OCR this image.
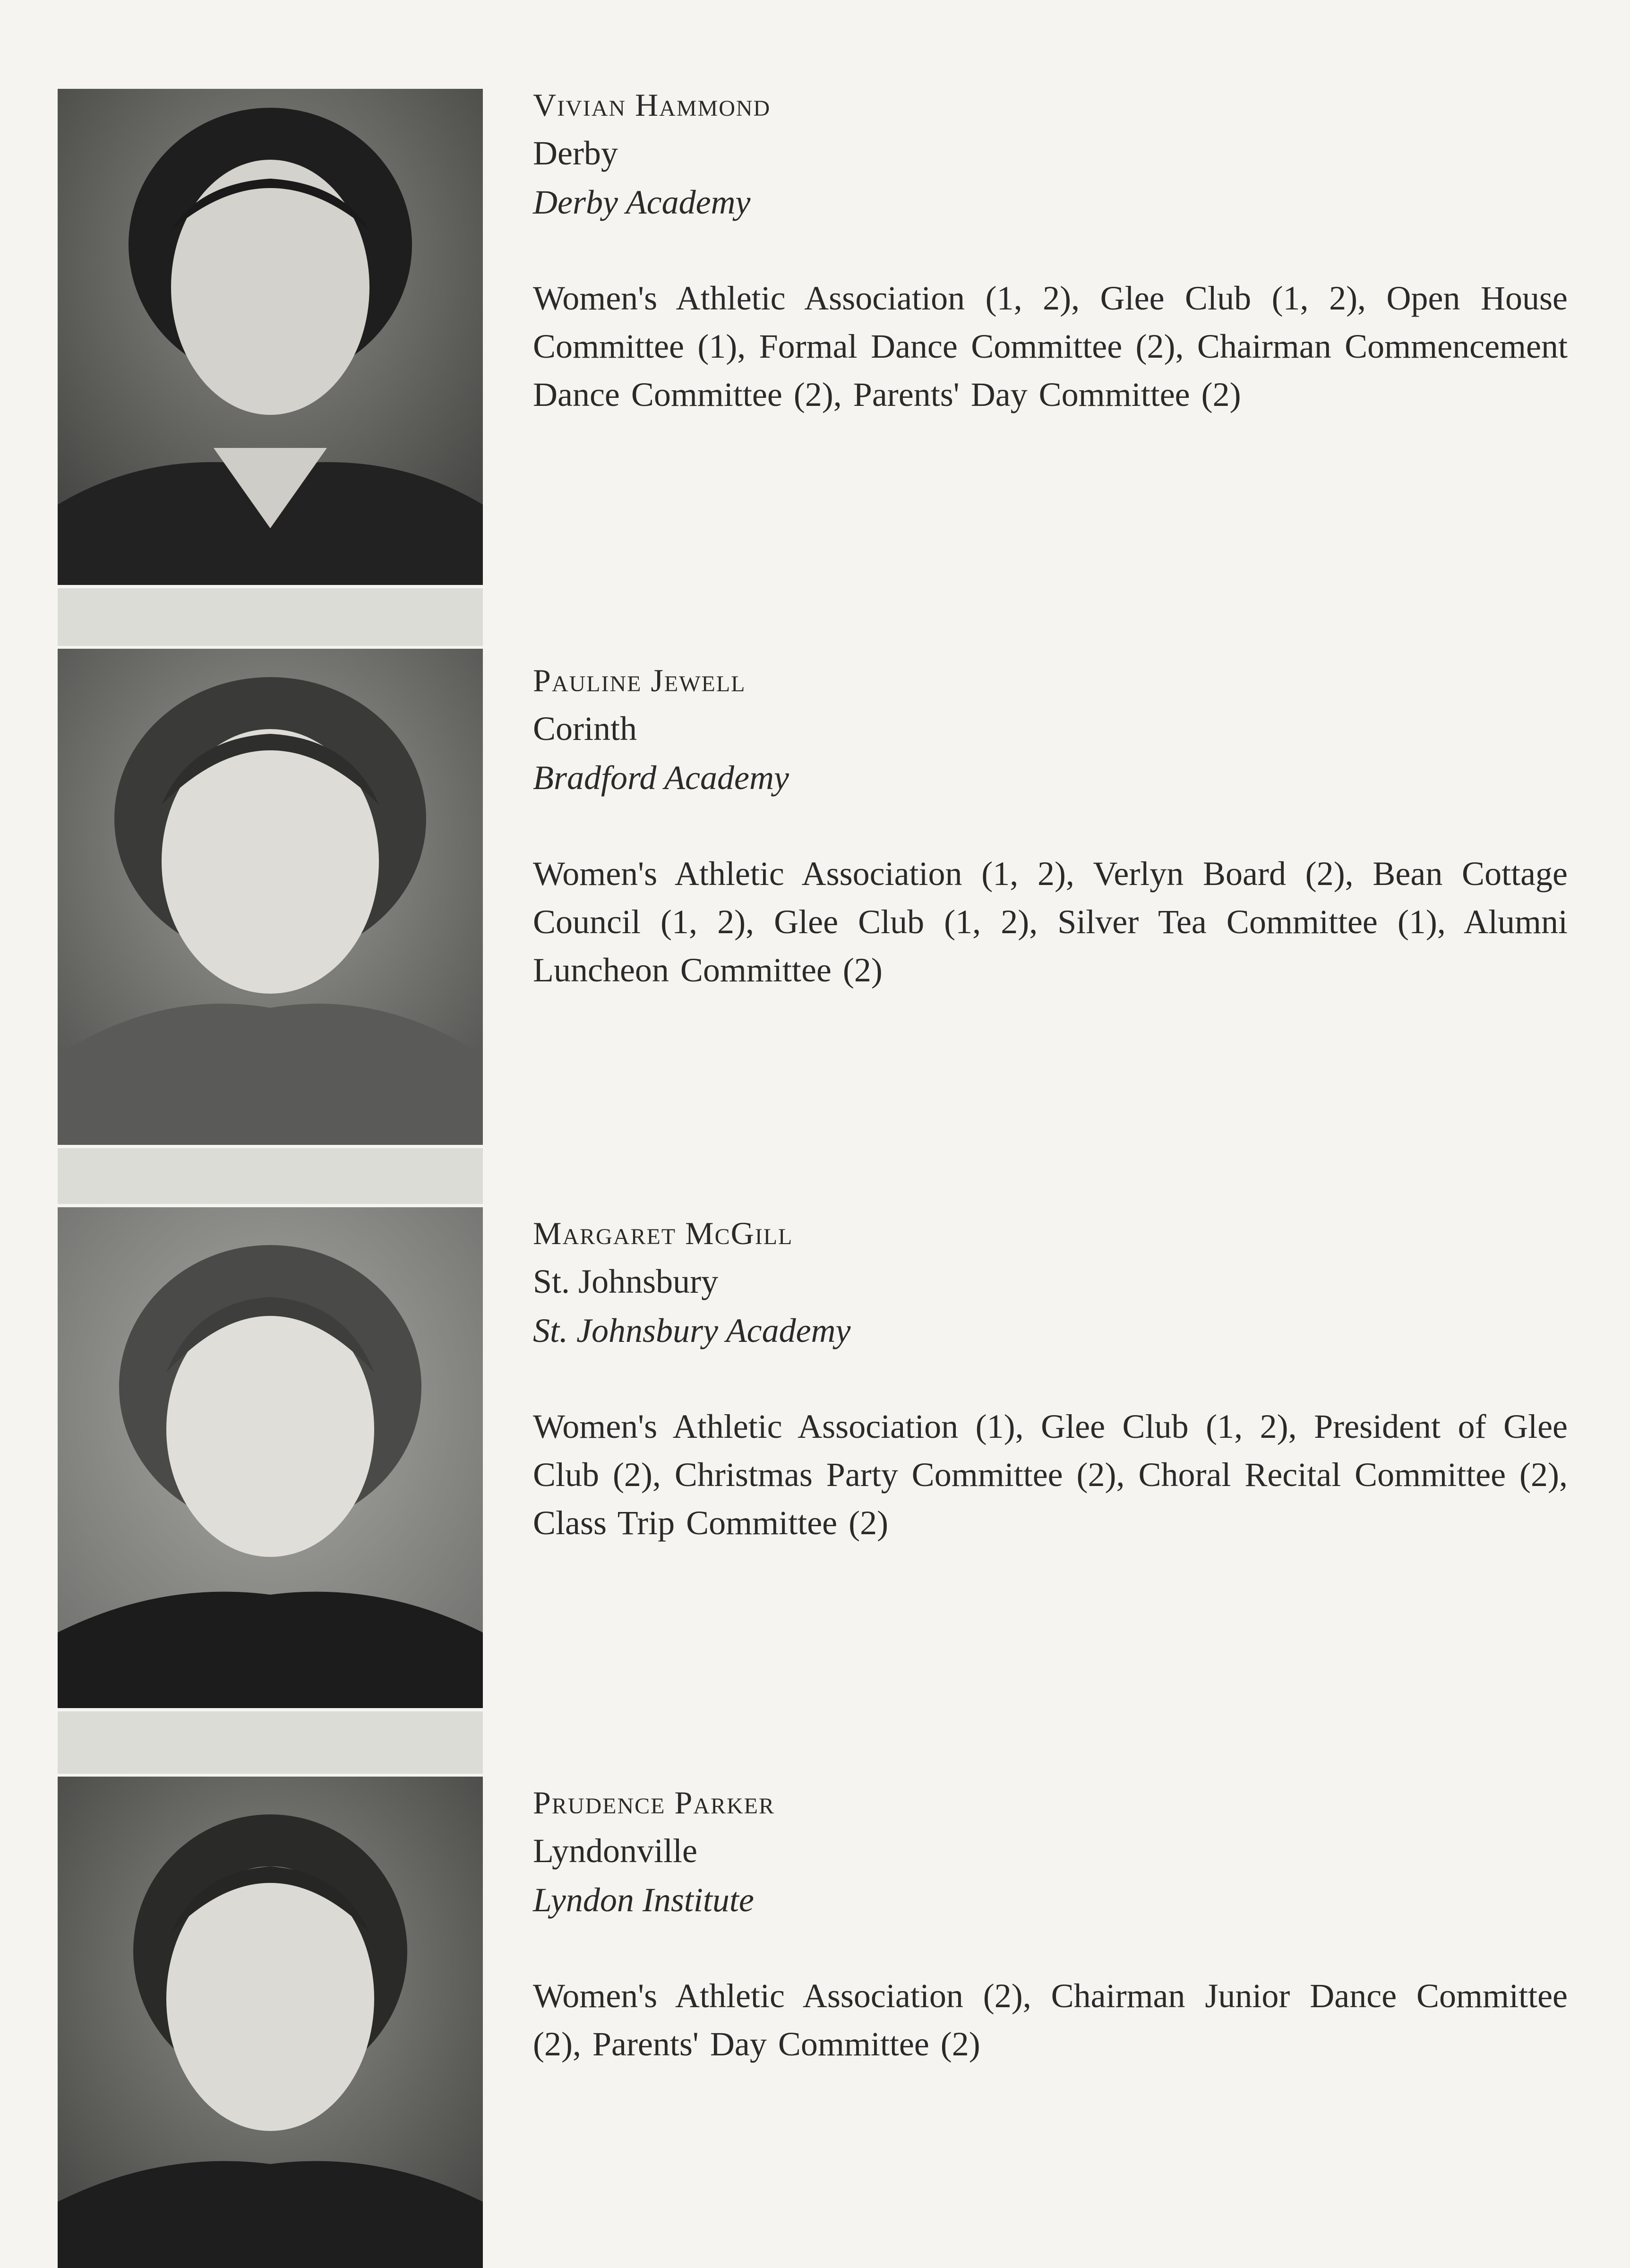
Vivian Hammond

Derby

Derby Academy

Women's Athletic Association (1, 2), Glee Club (1, 2), Open House Committee (1), Formal Dance Committee (2), Chairman Commencement Dance Committee (2), Parents' Day Committee (2)

Pauline Jewell

Corinth

Bradford Academy

Women's Athletic Association (1, 2), Verlyn Board (2), Bean Cottage Council (1, 2), Glee Club (1, 2), Silver Tea Committee (1), Alumni Luncheon Committee (2)

Margaret McGill

St. Johnsbury

St. Johnsbury Academy

Women's Athletic Association (1), Glee Club (1, 2), President of Glee Club (2), Christmas Party Committee (2), Choral Recital Committee (2), Class Trip Committee (2)

Prudence Parker

Lyndonville

Lyndon Institute

Women's Athletic Association (2), Chairman Junior Dance Committee (2), Parents' Day Committee (2)
